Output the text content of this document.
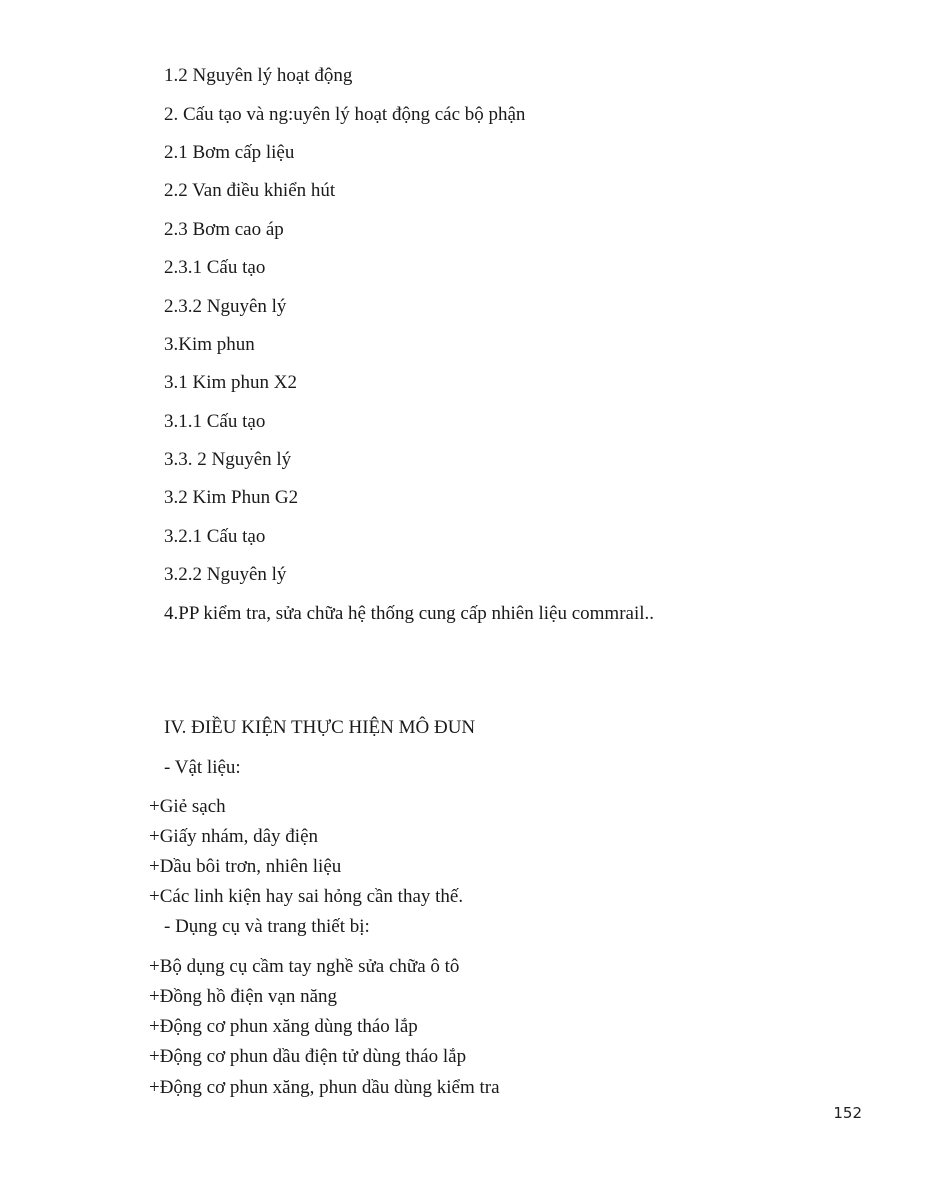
1.2 Nguyên lý hoạt động
2. Cấu tạo và ng:uyên lý hoạt động các bộ phận
2.1 Bơm cấp liệu
2.2 Van điều khiển hút
2.3 Bơm cao áp
2.3.1 Cấu tạo
2.3.2 Nguyên lý
3.Kim phun
3.1 Kim phun X2
3.1.1 Cấu tạo
3.3. 2 Nguyên lý
3.2 Kim Phun G2
3.2.1 Cấu tạo
3.2.2 Nguyên lý
4.PP kiểm tra, sửa chữa hệ thống cung cấp nhiên liệu commrail..
IV. ĐIỀU KIỆN THỰC HIỆN MÔ ĐUN
- Vật liệu:
+Giẻ sạch
+Giấy nhám, dây điện
+Dầu bôi trơn, nhiên liệu
+Các linh kiện hay sai hỏng cần thay thế.
- Dụng cụ và trang thiết bị:
+Bộ dụng cụ cầm tay nghề sửa chữa ô tô
+Đồng hồ điện vạn năng
+Động cơ phun xăng dùng tháo lắp
+Động cơ phun dầu điện tử dùng tháo lắp
+Động cơ phun xăng, phun dầu dùng kiểm tra
152
